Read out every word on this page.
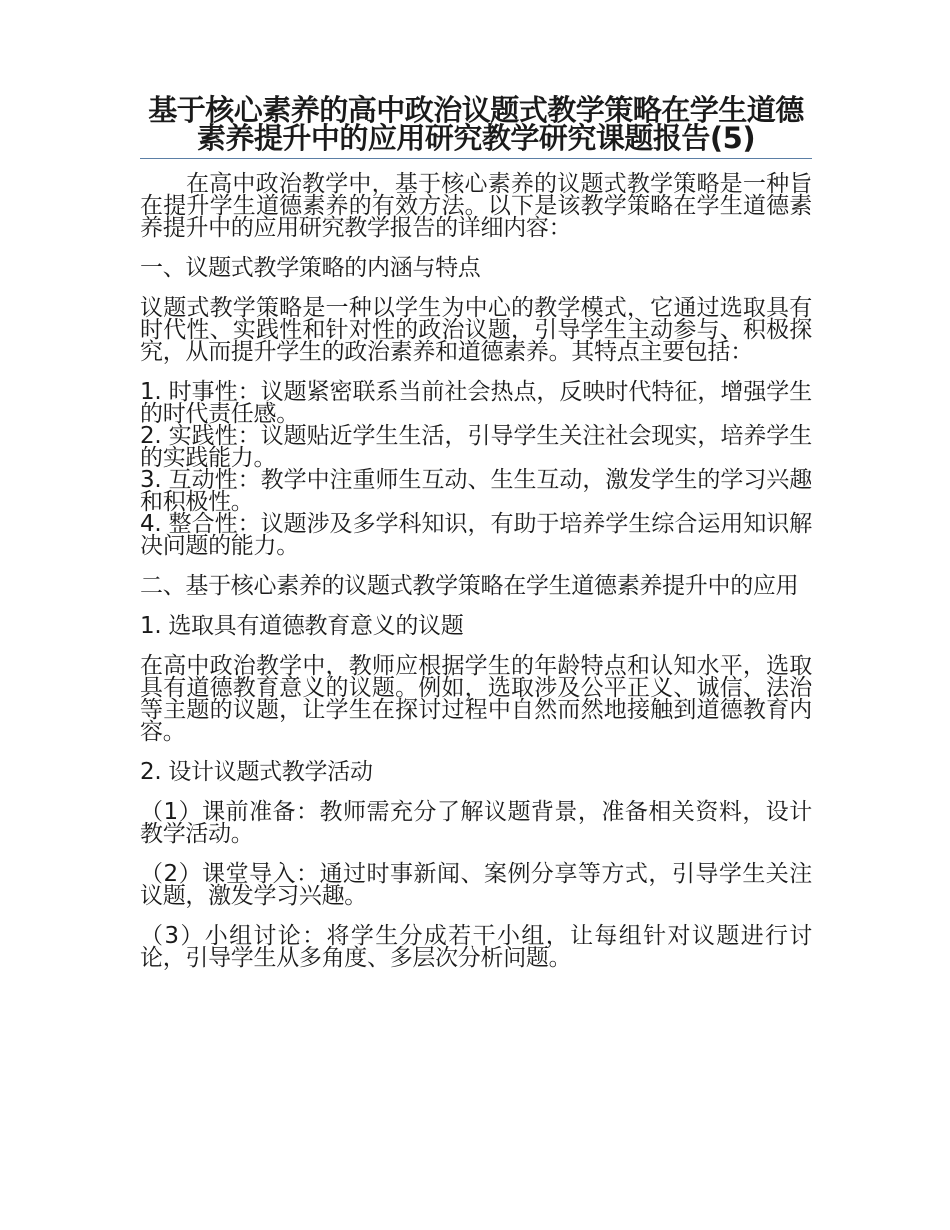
基于核心素养的高中政治议题式教学策略在学生道德素养提升中的应用研究教学研究课题报告(5)

在高中政治教学中，基于核心素养的议题式教学策略是一种旨在提升学生道德素养的有效方法。以下是该教学策略在学生道德素养提升中的应用研究教学报告的详细内容：

一、议题式教学策略的内涵与特点

议题式教学策略是一种以学生为中心的教学模式，它通过选取具有时代性、实践性和针对性的政治议题，引导学生主动参与、积极探究，从而提升学生的政治素养和道德素养。其特点主要包括：

1. 时事性：议题紧密联系当前社会热点，反映时代特征，增强学生的时代责任感。

2. 实践性：议题贴近学生生活，引导学生关注社会现实，培养学生的实践能力。

3. 互动性：教学中注重师生互动、生生互动，激发学生的学习兴趣和积极性。

4. 整合性：议题涉及多学科知识，有助于培养学生综合运用知识解决问题的能力。

二、基于核心素养的议题式教学策略在学生道德素养提升中的应用

1. 选取具有道德教育意义的议题

在高中政治教学中，教师应根据学生的年龄特点和认知水平，选取具有道德教育意义的议题。例如，选取涉及公平正义、诚信、法治等主题的议题，让学生在探讨过程中自然而然地接触到道德教育内容。

2. 设计议题式教学活动

（1）课前准备：教师需充分了解议题背景，准备相关资料，设计教学活动。

（2）课堂导入：通过时事新闻、案例分享等方式，引导学生关注议题，激发学习兴趣。

（3）小组讨论：将学生分成若干小组，让每组针对议题进行讨论，引导学生从多角度、多层次分析问题。
